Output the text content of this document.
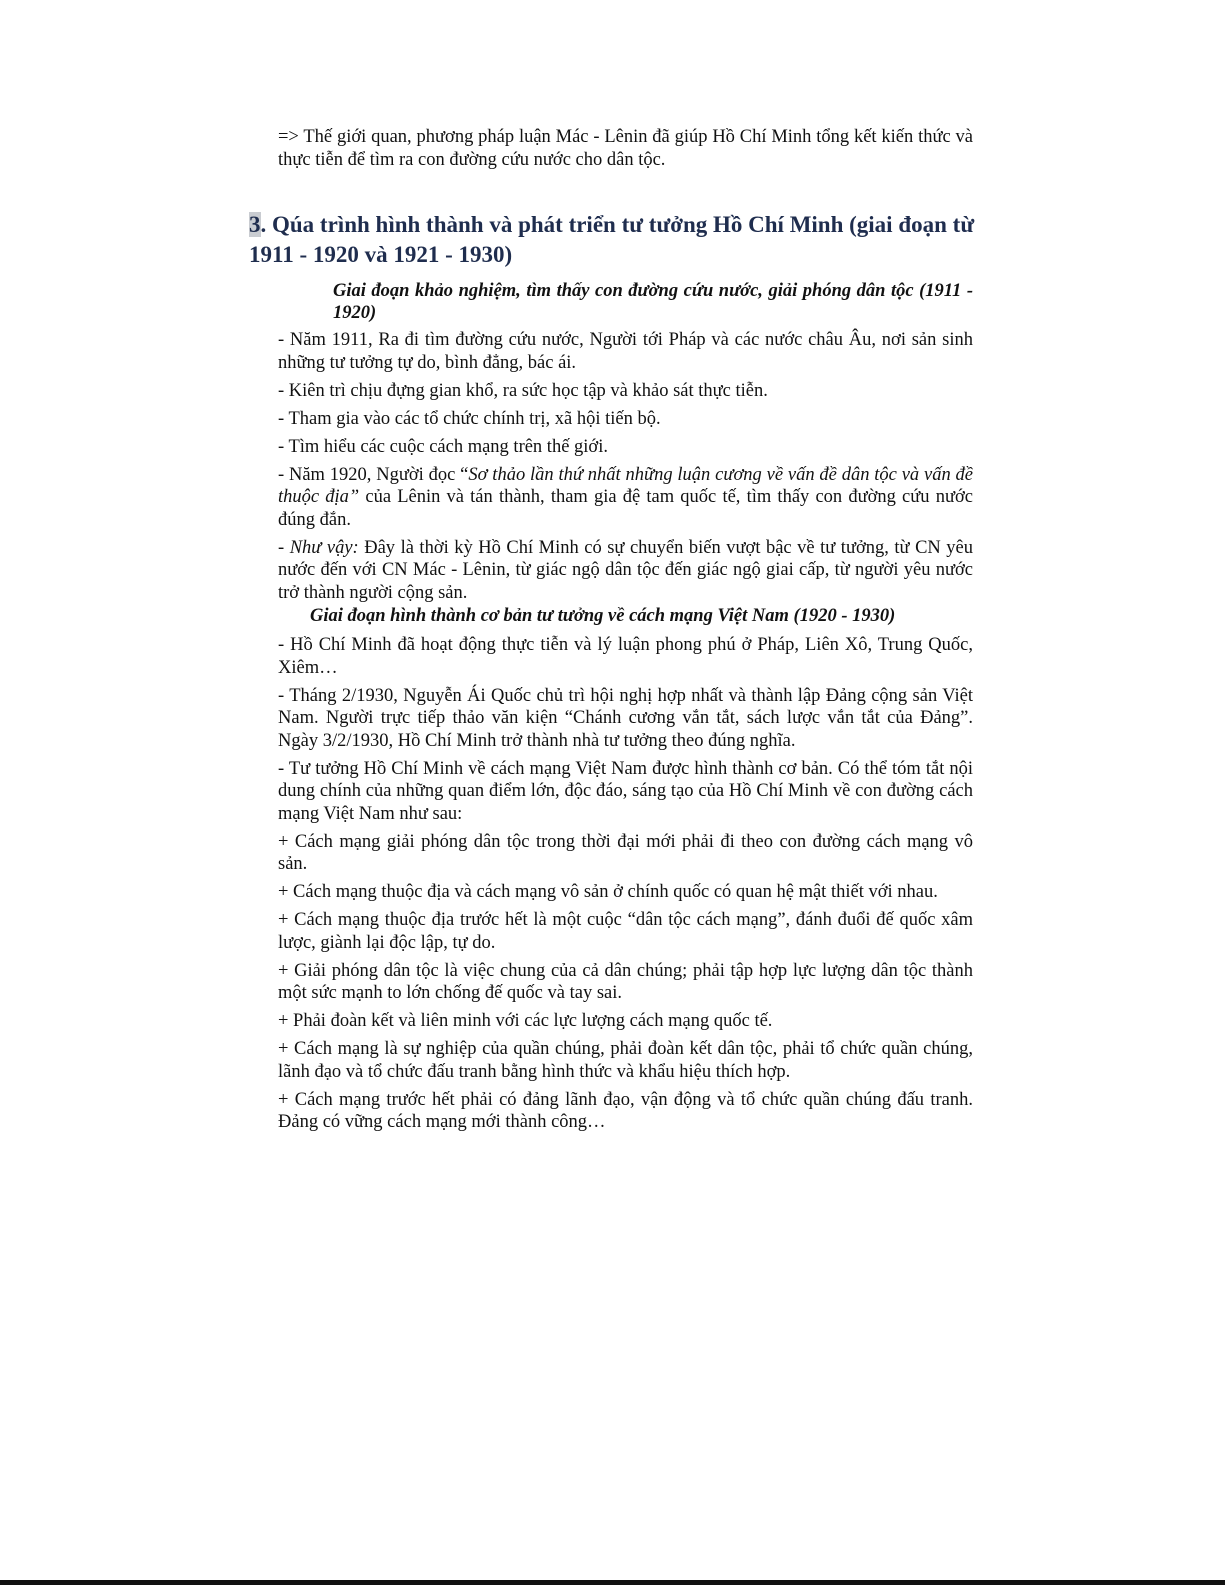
=> Thế giới quan, phương pháp luận Mác - Lênin đã giúp Hồ Chí Minh tổng kết kiến thức và thực tiễn để tìm ra con đường cứu nước cho dân tộc.

3. Qúa trình hình thành và phát triển tư tưởng Hồ Chí Minh (giai đoạn từ 1911 - 1920 và 1921 - 1930)
Giai đoạn khảo nghiệm, tìm thấy con đường cứu nước, giải phóng dân tộc (1911 - 1920)

- Năm 1911, Ra đi tìm đường cứu nước, Người tới Pháp và các nước châu Âu, nơi sản sinh những tư tưởng tự do, bình đẳng, bác ái.

- Kiên trì chịu đựng gian khổ, ra sức học tập và khảo sát thực tiễn.

- Tham gia vào các tổ chức chính trị, xã hội tiến bộ.

- Tìm hiểu các cuộc cách mạng trên thế giới.

- Năm 1920, Người đọc “Sơ thảo lần thứ nhất những luận cương về vấn đề dân tộc và vấn đề thuộc địa” của Lênin và tán thành, tham gia đệ tam quốc tế, tìm thấy con đường cứu nước đúng đắn.

- Như vậy: Đây là thời kỳ Hồ Chí Minh có sự chuyển biến vượt bậc về tư tưởng, từ CN yêu nước đến với CN Mác - Lênin, từ giác ngộ dân tộc đến giác ngộ giai cấp, từ người yêu nước trở thành người cộng sản.

Giai đoạn hình thành cơ bản tư tưởng về cách mạng Việt Nam (1920 - 1930)

- Hồ Chí Minh đã hoạt động thực tiễn và lý luận phong phú ở Pháp, Liên Xô, Trung Quốc, Xiêm…

- Tháng 2/1930, Nguyễn Ái Quốc chủ trì hội nghị hợp nhất và thành lập Đảng cộng sản Việt Nam. Người trực tiếp thảo văn kiện “Chánh cương vắn tắt, sách lược vắn tắt của Đảng”. Ngày 3/2/1930, Hồ Chí Minh trở thành nhà tư tưởng theo đúng nghĩa.

- Tư tưởng Hồ Chí Minh về cách mạng Việt Nam được hình thành cơ bản. Có thể tóm tắt nội dung chính của những quan điểm lớn, độc đáo, sáng tạo của Hồ Chí Minh về con đường cách mạng Việt Nam như sau:

+ Cách mạng giải phóng dân tộc trong thời đại mới phải đi theo con đường cách mạng vô sản.

+ Cách mạng thuộc địa và cách mạng vô sản ở chính quốc có quan hệ mật thiết với nhau.

+ Cách mạng thuộc địa trước hết là một cuộc “dân tộc cách mạng”, đánh đuổi đế quốc xâm lược, giành lại độc lập, tự do.

+ Giải phóng dân tộc là việc chung của cả dân chúng; phải tập hợp lực lượng dân tộc thành một sức mạnh to lớn chống đế quốc và tay sai.

+ Phải đoàn kết và liên minh với các lực lượng cách mạng quốc tế.

+ Cách mạng là sự nghiệp của quần chúng, phải đoàn kết dân tộc, phải tổ chức quần chúng, lãnh đạo và tổ chức đấu tranh bằng hình thức và khẩu hiệu thích hợp.

+ Cách mạng trước hết phải có đảng lãnh đạo, vận động và tổ chức quần chúng đấu tranh. Đảng có vững cách mạng mới thành công…
